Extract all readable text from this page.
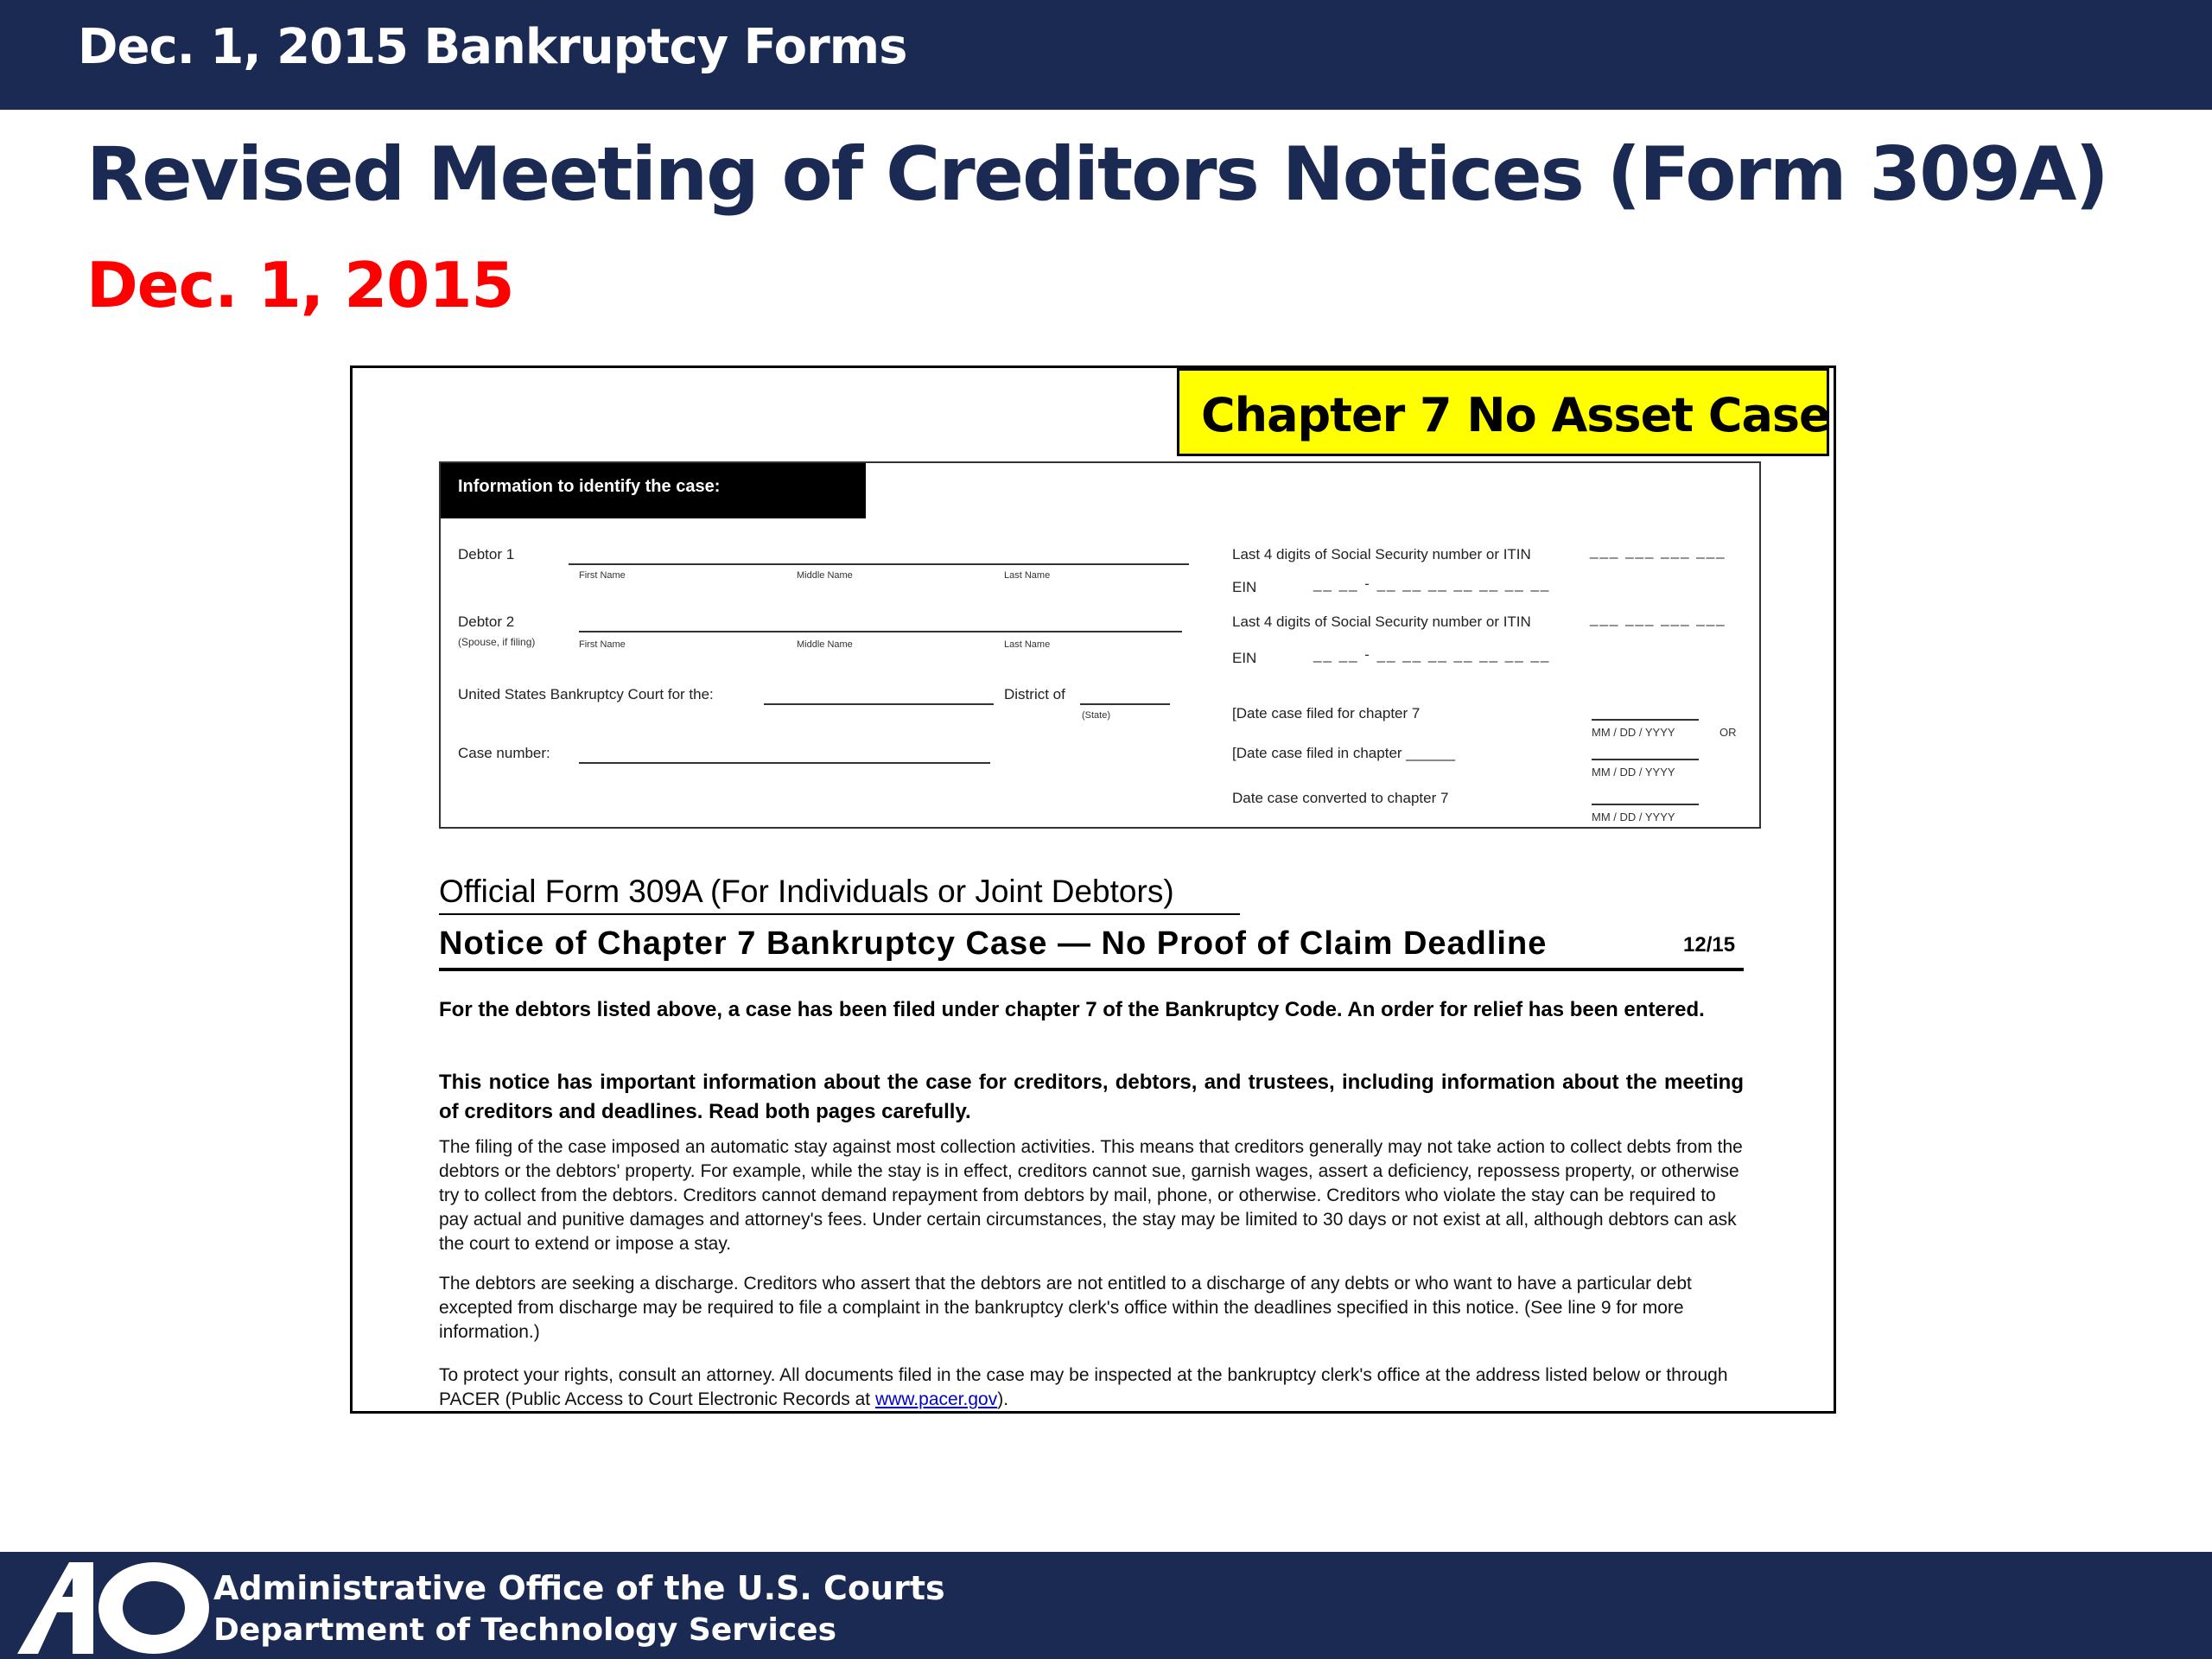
Dec. 1, 2015 Bankruptcy Forms
Revised Meeting of Creditors Notices (Form 309A)
Dec. 1, 2015
Chapter 7 No Asset Case
Information to identify the case:
Debtor 1
First Name	Middle Name	Last Name
Debtor 2
(Spouse, if filing)	First Name	Middle Name	Last Name
United States Bankruptcy Court for the:	District of
(State)
Case number:
Last 4 digits of Social Security number or ITIN	___ ___ ___ ___
EIN	__ __ - __ __ __ __ __ __ __
Last 4 digits of Social Security number or ITIN	___ ___ ___ ___
EIN	__ __ - __ __ __ __ __ __ __
[Date case filed for chapter 7
MM / DD / YYYY	OR
[Date case filed in chapter ______
MM / DD / YYYY
Date case converted to chapter 7
MM / DD / YYYY
Official Form 309A (For Individuals or Joint Debtors)
Notice of Chapter 7 Bankruptcy Case — No Proof of Claim Deadline	12/15
For the debtors listed above, a case has been filed under chapter 7 of the Bankruptcy Code. An order for relief has been entered.
This notice has important information about the case for creditors, debtors, and trustees, including information about the meeting of creditors and deadlines. Read both pages carefully.
The filing of the case imposed an automatic stay against most collection activities. This means that creditors generally may not take action to collect debts from the debtors or the debtors' property. For example, while the stay is in effect, creditors cannot sue, garnish wages, assert a deficiency, repossess property, or otherwise try to collect from the debtors. Creditors cannot demand repayment from debtors by mail, phone, or otherwise. Creditors who violate the stay can be required to pay actual and punitive damages and attorney's fees. Under certain circumstances, the stay may be limited to 30 days or not exist at all, although debtors can ask the court to extend or impose a stay.
The debtors are seeking a discharge. Creditors who assert that the debtors are not entitled to a discharge of any debts or who want to have a particular debt excepted from discharge may be required to file a complaint in the bankruptcy clerk's office within the deadlines specified in this notice. (See line 9 for more information.)
To protect your rights, consult an attorney. All documents filed in the case may be inspected at the bankruptcy clerk's office at the address listed below or through PACER (Public Access to Court Electronic Records at www.pacer.gov).
AO
Administrative Office of the U.S. Courts
Department of Technology Services
